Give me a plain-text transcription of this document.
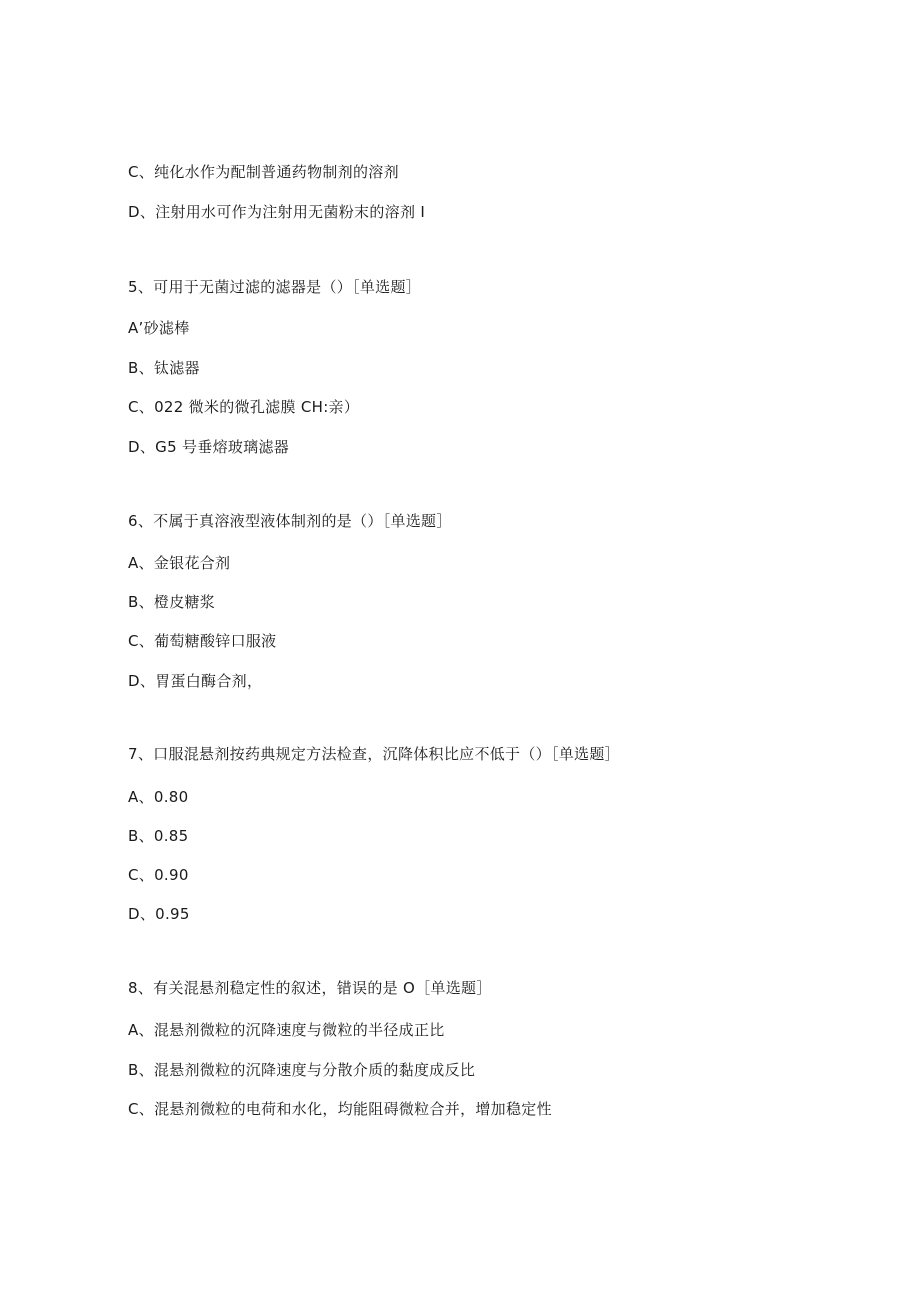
C、纯化水作为配制普通药物制剂的溶剂
D、注射用水可作为注射用无菌粉末的溶剂 I
5、可用于无菌过滤的滤器是（）［单选题］
A’砂滤棒
B、钛滤器
C、022 微米的微孔滤膜 CH:亲）
D、G5 号垂熔玻璃滤器
6、不属于真溶液型液体制剂的是（）［单选题］
A、金银花合剂
B、橙皮糖浆
C、葡萄糖酸锌口服液
D、胃蛋白酶合剂，
7、口服混悬剂按药典规定方法检查，沉降体积比应不低于（）［单选题］
A、0.80
B、0.85
C、0.90
D、0.95
8、有关混悬剂稳定性的叙述，错误的是 O［单选题］
A、混悬剂微粒的沉降速度与微粒的半径成正比
B、混悬剂微粒的沉降速度与分散介质的黏度成反比
C、混悬剂微粒的电荷和水化，均能阻碍微粒合并，增加稳定性
